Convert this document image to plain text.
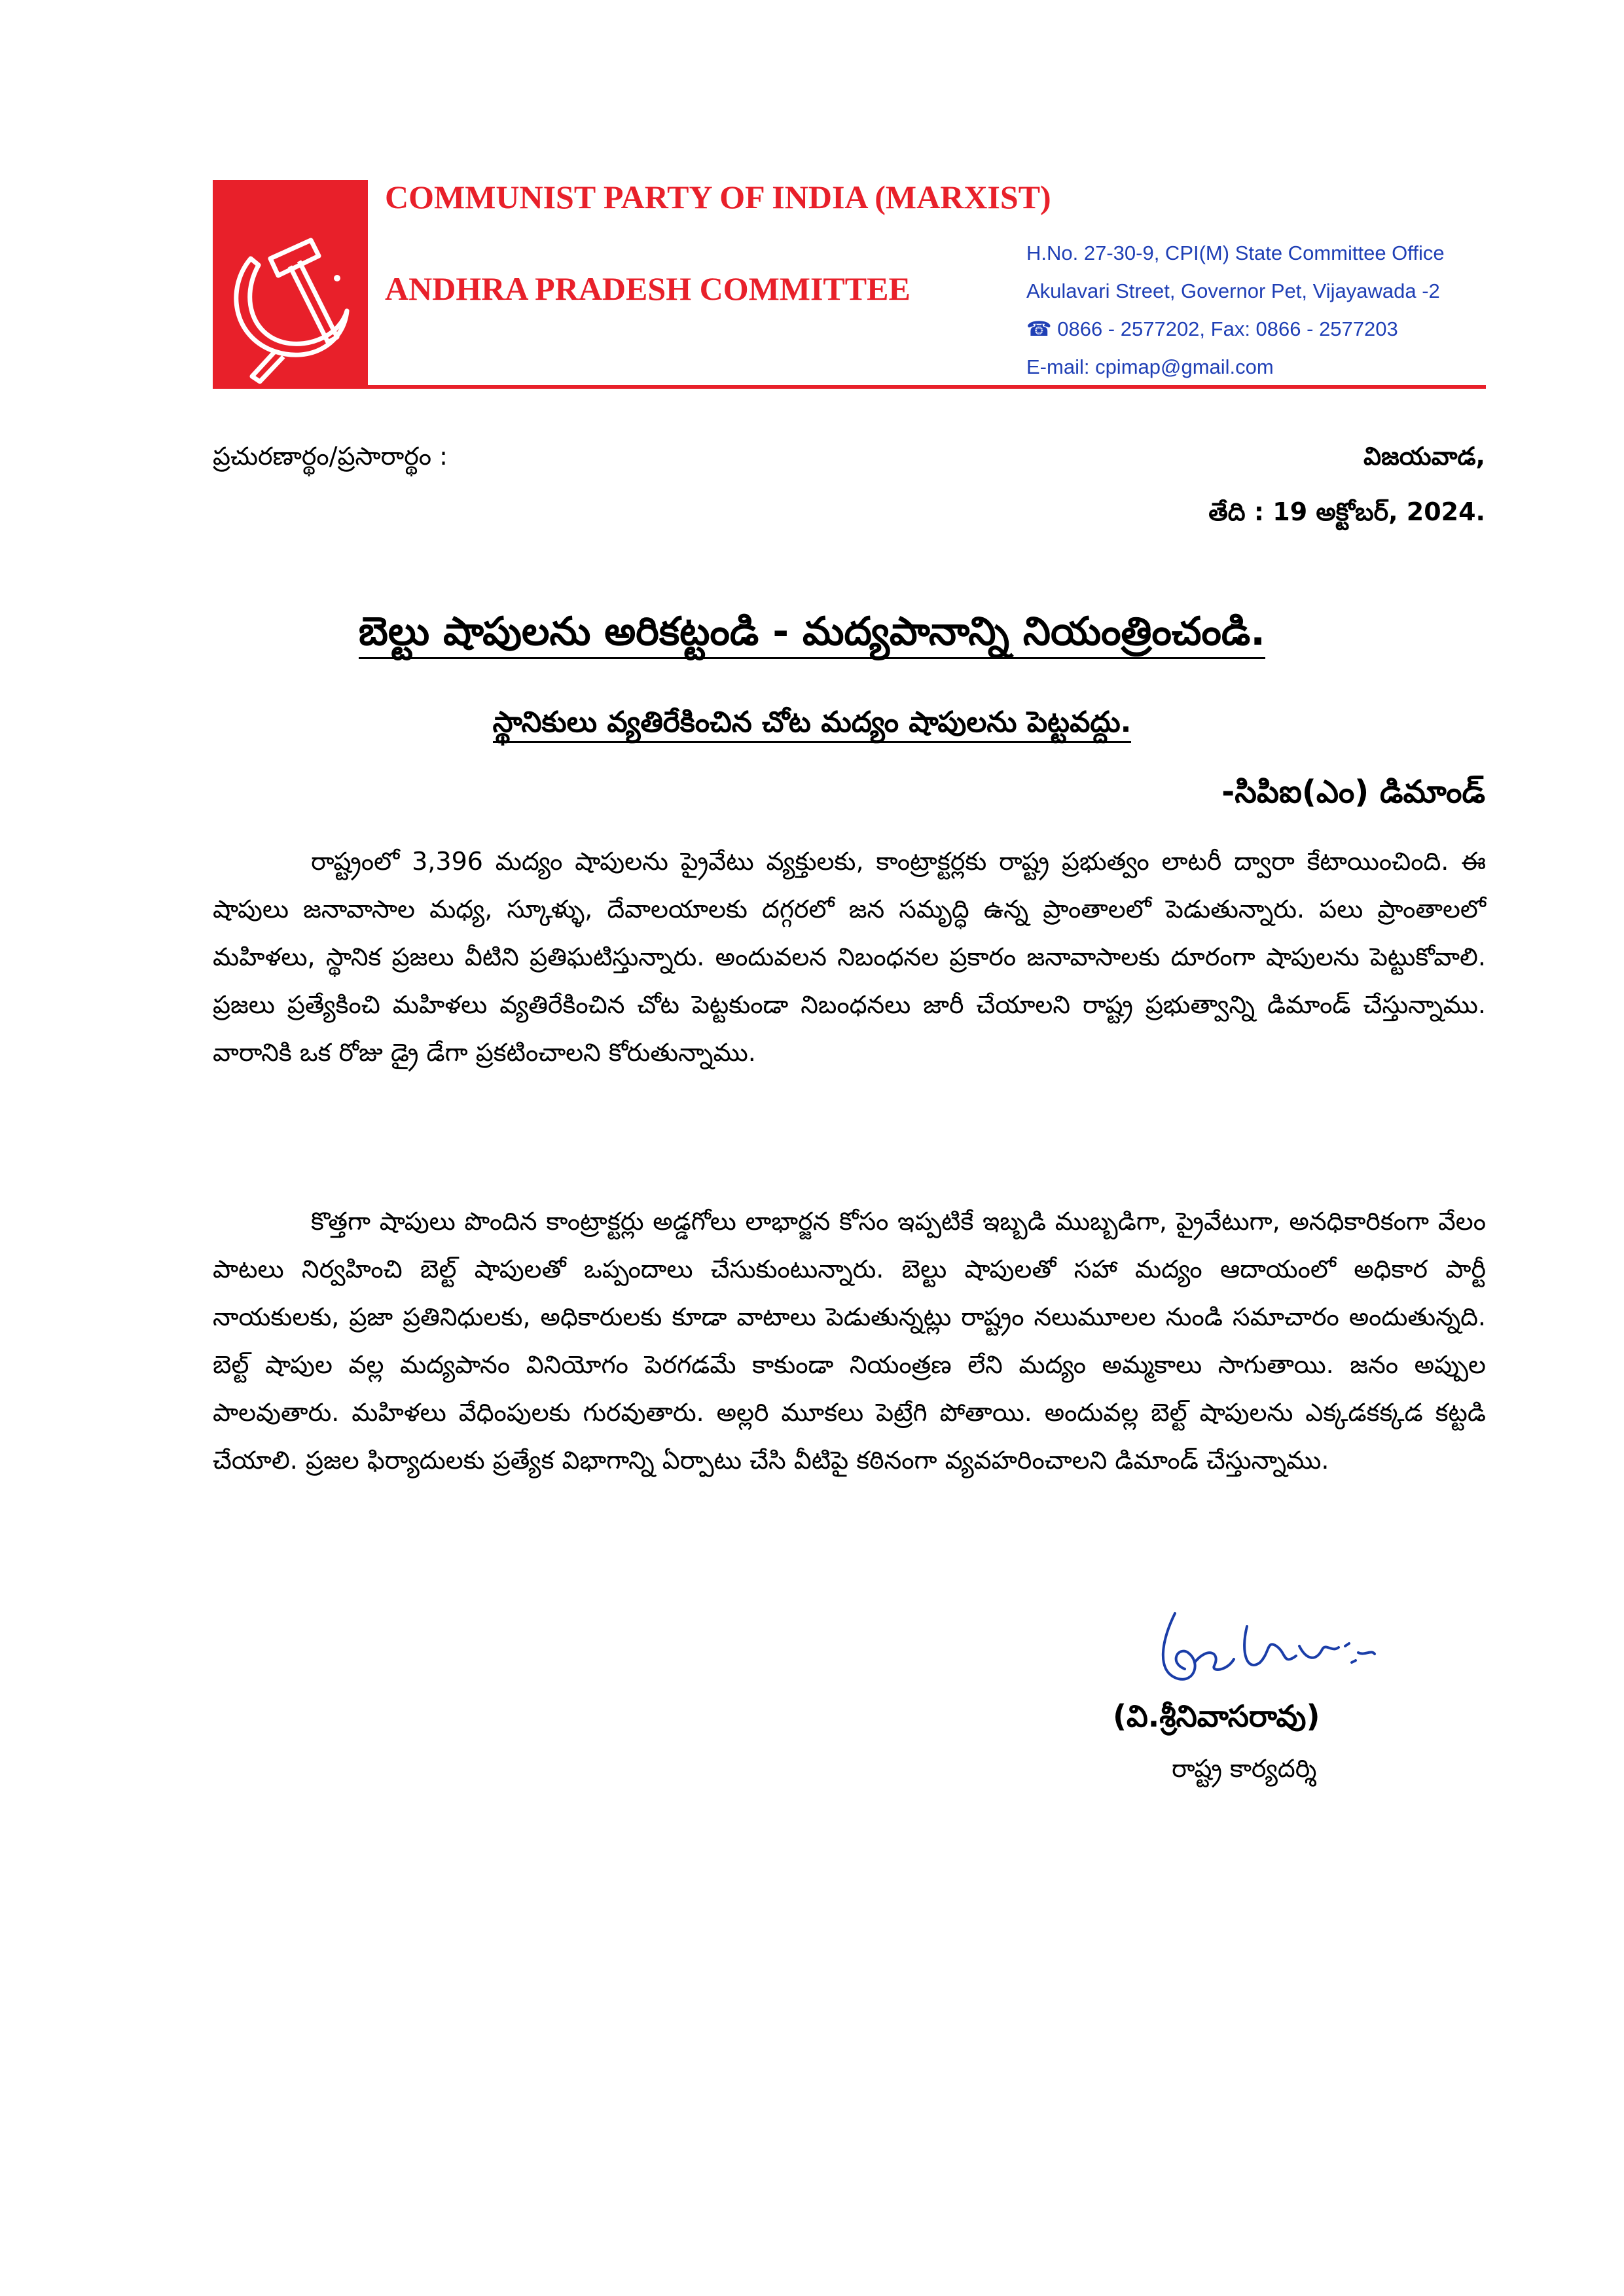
COMMUNIST PARTY OF INDIA (MARXIST)
ANDHRA PRADESH COMMITTEE
H.No. 27-30-9, CPI(M) State Committee Office
Akulavari Street, Governor Pet, Vijayawada -2
☎ 0866 - 2577202, Fax: 0866 - 2577203
E-mail: cpimap@gmail.com
ప్రచురణార్థం/ప్రసారార్థం :	విజయవాడ,
తేది : 19 అక్టోబర్, 2024.
బెల్టు షాపులను అరికట్టండి - మద్యపానాన్ని నియంత్రించండి.
స్థానికులు వ్యతిరేకించిన చోట మద్యం షాపులను పెట్టవద్దు.
-సిపిఐ(ఎం) డిమాండ్

రాష్ట్రంలో 3,396 మద్యం షాపులను ప్రైవేటు వ్యక్తులకు, కాంట్రాక్టర్లకు రాష్ట్ర ప్రభుత్వం లాటరీ ద్వారా కేటాయించింది. ఈ షాపులు జనావాసాల మధ్య, స్కూళ్ళు, దేవాలయాలకు దగ్గరలో జన సమృద్ధి ఉన్న ప్రాంతాలలో పెడుతున్నారు. పలు ప్రాంతాలలో మహిళలు, స్థానిక ప్రజలు వీటిని ప్రతిఘటిస్తున్నారు. అందువలన నిబంధనల ప్రకారం జనావాసాలకు దూరంగా షాపులను పెట్టుకోవాలి. ప్రజలు ప్రత్యేకించి మహిళలు వ్యతిరేకించిన చోట పెట్టకుండా నిబంధనలు జారీ చేయాలని రాష్ట్ర ప్రభుత్వాన్ని డిమాండ్ చేస్తున్నాము. వారానికి ఒక రోజు డ్రై డేగా ప్రకటించాలని కోరుతున్నాము.

కొత్తగా షాపులు పొందిన కాంట్రాక్టర్లు అడ్డగోలు లాభార్జన కోసం ఇప్పటికే ఇబ్బడి ముబ్బడిగా, ప్రైవేటుగా, అనధికారికంగా వేలం పాటలు నిర్వహించి బెల్ట్ షాపులతో ఒప్పందాలు చేసుకుంటున్నారు. బెల్టు షాపులతో సహా మద్యం ఆదాయంలో అధికార పార్టీ నాయకులకు, ప్రజా ప్రతినిధులకు, అధికారులకు కూడా వాటాలు పెడుతున్నట్లు రాష్ట్రం నలుమూలల నుండి సమాచారం అందుతున్నది. బెల్ట్ షాపుల వల్ల మద్యపానం వినియోగం పెరగడమే కాకుండా నియంత్రణ లేని మద్యం అమ్మకాలు సాగుతాయి. జనం అప్పుల పాలవుతారు. మహిళలు వేధింపులకు గురవుతారు. అల్లరి మూకలు పెట్రేగి పోతాయి. అందువల్ల బెల్ట్ షాపులను ఎక్కడకక్కడ కట్టడి చేయాలి. ప్రజల ఫిర్యాదులకు ప్రత్యేక విభాగాన్ని ఏర్పాటు చేసి వీటిపై కఠినంగా వ్యవహరించాలని డిమాండ్ చేస్తున్నాము.

(వి.శ్రీనివాసరావు)
రాష్ట్ర కార్యదర్శి
